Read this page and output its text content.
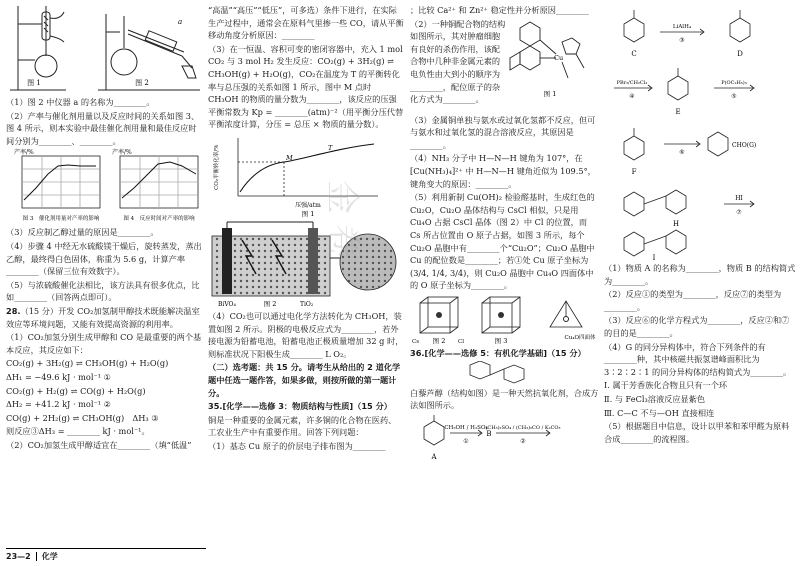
图 1
a
图 2

（1）图 2 中仪器 a 的名称为________。

（2）产率与催化剂用量以及反应时间的关系如图 3、图 4 所示，则本实验中最佳催化剂用量和最佳反应时间分别为________、________。

产率/%	产率/%
图 3　催化剂用量对产率的影响	图 4　反应时间对产率的影响

（3）反应制乙醇过量的原因是________。

（4）步骤 4 中经无水硫酸镁干燥后，旋转蒸发，蒸出乙醇，最终得白色固体，称重为 5.6 g，计算产率________（保留三位有效数字）。

（5）与浓硫酸催化法相比，该方法具有很多优点，比如________（回答两点即可）。

28.（15 分）开发 CO₂加氢制甲醇技术既能解决温室效应等环境问题，又能有效提高资源的利用率。

（1）CO₂加氢分别生成甲醇和 CO 是最重要的两个基本反应，其反应如下：

CO₂(g) + 3H₂(g) ⇌ CH₃OH(g) + H₂O(g)

ΔH₁ = −49.6 kJ · mol⁻¹ ①

CO₂(g) + H₂(g) ⇌ CO(g) + H₂O(g)

ΔH₂ = +41.2 kJ · mol⁻¹ ②

CO(g) + 2H₂(g) ⇌ CH₃OH(g)　ΔH₃ ③

则反应③ΔH₃ = ________ kJ · mol⁻¹。

（2）CO₂加氢生成甲醇适宜在________（填“低温”

“高温”“高压”“低压”，可多选）条件下进行，在实际生产过程中，通常会在原料气里掺一些 CO，请从平衡移动角度分析原因：________

（3）在一恒温、容积可变的密闭容器中，充入 1 mol CO₂ 与 3 mol H₂ 发生反应：CO₂(g) + 3H₂(g) ⇌ CH₃OH(g) + H₂O(g)，CO₂在温度为 T 的平衡转化率与总压强的关系如图 1 所示，图中 M 点时 CH₃OH 的物质的量分数为________，该反应的压强平衡常数为 Kp = ________(atm)⁻²（用平衡分压代替平衡浓度计算，分压 = 总压 × 物质的量分数）。

M
T
CO₂平衡转化率/%
压强/atm
图 1
BiVO₄	TiO₂
图 2

（4）CO₂也可以通过电化学方法转化为 CH₃OH，装置如图 2 所示。阴极的电极反应式为________，若外接电源为铅蓄电池，铅蓄电池正极质量增加 32 g 时，则标准状况下阳极生成________ L O₂。

（二）选考题：共 15 分。请考生从给出的 2 道化学题中任选一题作答，如果多做，则按所做的第一题计分。

35.[化学——选修 3：物质结构与性质]（15 分）

铜是一种重要的金属元素，许多铜的化合物在医药、工农业生产中有重要作用。回答下列问题：

（1）基态 Cu 原子的价层电子排布图为________

；比较 Ca²⁺ 和 Zn²⁺ 稳定性并分析原因________

（2）一种铜配合物的结构如图所示，其对肿瘤细胞有良好的杀伤作用，该配合物中几种非金属元素的电负性由大到小的顺序为________，配位原子的杂化方式为________。

Cu
图 1

（3）金属铜单独与氨水或过氧化氢都不反应，但可与氨水和过氧化氢的混合溶液反应，其原因是________。

（4）NH₃ 分子中 H—N—H 键角为 107°，在 [Cu(NH₃)₄]²⁺ 中 H—N—H 键角近似为 109.5°，键角变大的原因：________。

（5）利用新制 Cu(OH)₂ 检验醛基时，生成红色的 Cu₂O，Cu₂O 晶体结构与 CsCl 相似，只是用 Cu₄O 占据 CsCl 晶体（图 2）中 Cl 的位置，而 Cs 所占位置由 O 原子占据，如图 3 所示，每个 Cu₂O 晶胞中有________个“Cu₂O”；Cu₂O 晶胞中 Cu 的配位数是________；若①处 Cu 原子坐标为 (3/4, 1/4, 3/4)，则 Cu₂O 晶胞中 Cu₄O 四面体中的 O 原子坐标为________。

图 2	图 3	Cu₄O四面体
Cs	Cl

36.[化学——选修 5：有机化学基础]（15 分）

白藜芦醇（结构如图）是一种天然抗氧化剂，合成方法如图所示。

CH₃OH / H₂SO₄
①
B
(CH₃)₂SO₄ / (CH₃)₂CO / K₂CO₃
②
A
C	D
LiAlH₄
③
PBr₃/CH₂Cl₂
④
E
P(OC₂H₅)₃
⑤
F
⑥
CHO(G)
H
HI
⑦
I

（1）物质 A 的名称为________，物质 B 的结构简式为________。

（2）反应①的类型为________，反应⑦的类型为________。

（3）反应⑥的化学方程式为________，反应②和⑦的目的是________。

（4）G 的同分异构体中，符合下列条件的有________种，其中核磁共振氢谱峰面积比为 3∶2∶2∶1 的同分异构体的结构简式为________。

Ⅰ. 属于芳香族化合物且只有一个环

Ⅱ. 与 FeCl₃溶液反应显紫色

Ⅲ. C—C 不与—OH 直接相连

（5）根据题目中信息，设计以甲苯和苯甲醛为原料合成________的流程图。

金卷
23—2 化学
